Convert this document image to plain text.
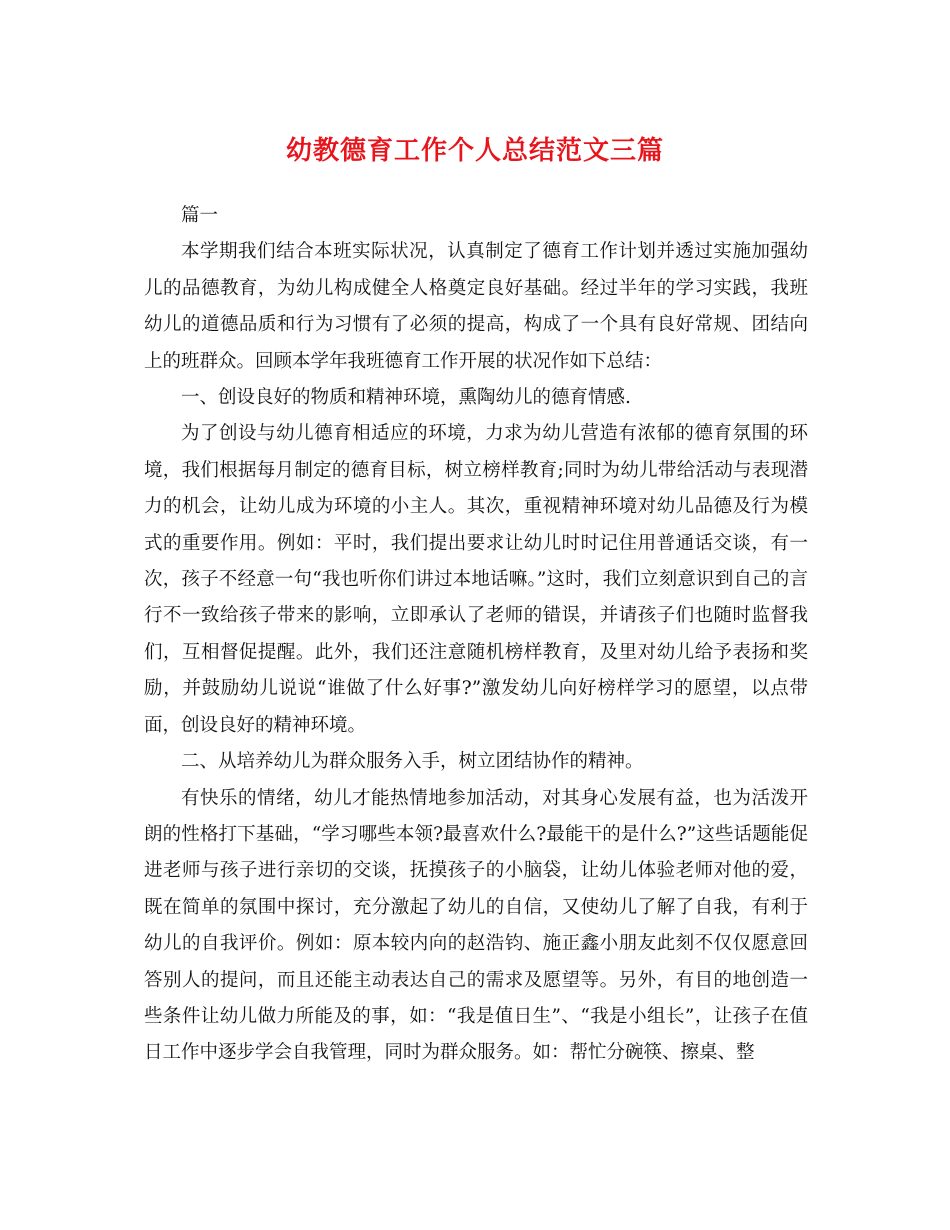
幼教德育工作个人总结范文三篇

篇一

本学期我们结合本班实际状况，认真制定了德育工作计划并透过实施加强幼儿的品德教育，为幼儿构成健全人格奠定良好基础。经过半年的学习实践，我班幼儿的道德品质和行为习惯有了必须的提高，构成了一个具有良好常规、团结向上的班群众。回顾本学年我班德育工作开展的状况作如下总结：

一、创设良好的物质和精神环境，熏陶幼儿的德育情感.

为了创设与幼儿德育相适应的环境，力求为幼儿营造有浓郁的德育氛围的环境，我们根据每月制定的德育目标，树立榜样教育;同时为幼儿带给活动与表现潜力的机会，让幼儿成为环境的小主人。其次，重视精神环境对幼儿品德及行为模式的重要作用。例如：平时，我们提出要求让幼儿时时记住用普通话交谈，有一次，孩子不经意一句“我也听你们讲过本地话嘛。”这时，我们立刻意识到自己的言行不一致给孩子带来的影响，立即承认了老师的错误，并请孩子们也随时监督我们，互相督促提醒。此外，我们还注意随机榜样教育，及里对幼儿给予表扬和奖励，并鼓励幼儿说说“谁做了什么好事?”激发幼儿向好榜样学习的愿望，以点带面，创设良好的精神环境。

二、从培养幼儿为群众服务入手，树立团结协作的精神。

有快乐的情绪，幼儿才能热情地参加活动，对其身心发展有益，也为活泼开朗的性格打下基础，“学习哪些本领?最喜欢什么?最能干的是什么?”这些话题能促进老师与孩子进行亲切的交谈，抚摸孩子的小脑袋，让幼儿体验老师对他的爱，既在简单的氛围中探讨，充分激起了幼儿的自信，又使幼儿了解了自我，有利于幼儿的自我评价。例如：原本较内向的赵浩钧、施正鑫小朋友此刻不仅仅愿意回答别人的提问，而且还能主动表达自己的需求及愿望等。另外，有目的地创造一些条件让幼儿做力所能及的事，如：“我是值日生”、“我是小组长”，让孩子在值日工作中逐步学会自我管理，同时为群众服务。如：帮忙分碗筷、擦桌、整
